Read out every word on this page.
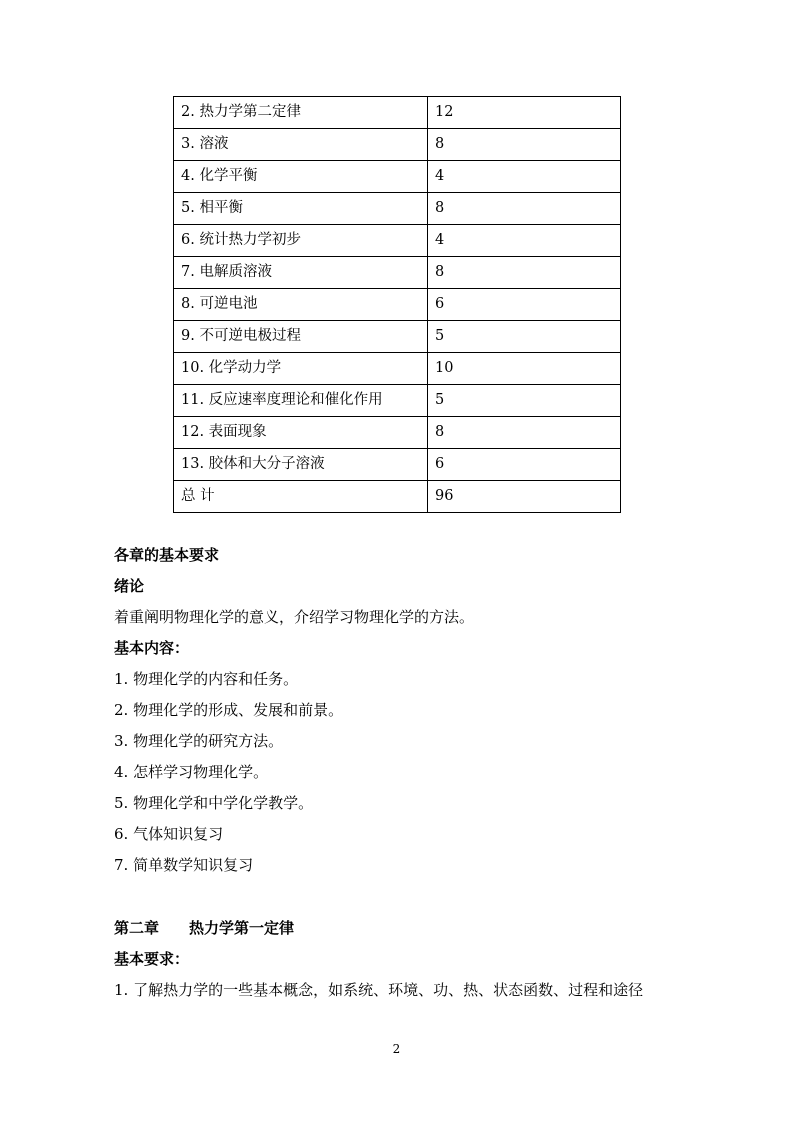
2. 热力学第二定律	12
3. 溶液	8
4. 化学平衡	4
5. 相平衡	8
6. 统计热力学初步	4
7. 电解质溶液	8
8. 可逆电池	6
9. 不可逆电极过程	5
10. 化学动力学	10
11. 反应速率度理论和催化作用	5
12. 表面现象	8
13. 胶体和大分子溶液	6
总 计	96
各章的基本要求
绪论
着重阐明物理化学的意义，介绍学习物理化学的方法。
基本内容：
1. 物理化学的内容和任务。
2. 物理化学的形成、发展和前景。
3. 物理化学的研究方法。
4. 怎样学习物理化学。
5. 物理化学和中学化学教学。
6. 气体知识复习
7. 简单数学知识复习
第二章 热力学第一定律
基本要求：
1. 了解热力学的一些基本概念，如系统、环境、功、热、状态函数、过程和途径
2
